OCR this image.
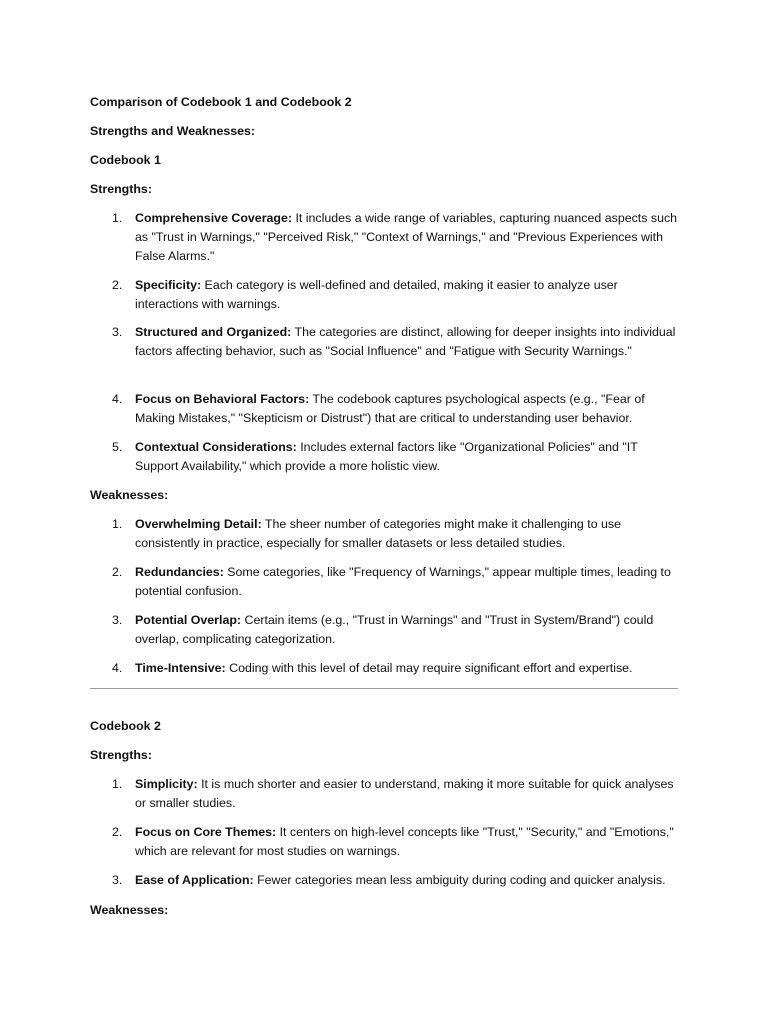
Comparison of Codebook 1 and Codebook 2

Strengths and Weaknesses:

Codebook 1

Strengths:

1. Comprehensive Coverage: It includes a wide range of variables, capturing nuanced aspects such as "Trust in Warnings," "Perceived Risk," "Context of Warnings," and "Previous Experiences with False Alarms."
2. Specificity: Each category is well-defined and detailed, making it easier to analyze user interactions with warnings.
3. Structured and Organized: The categories are distinct, allowing for deeper insights into individual factors affecting behavior, such as "Social Influence" and "Fatigue with Security Warnings."
4. Focus on Behavioral Factors: The codebook captures psychological aspects (e.g., "Fear of Making Mistakes," "Skepticism or Distrust") that are critical to understanding user behavior.
5. Contextual Considerations: Includes external factors like "Organizational Policies" and "IT Support Availability," which provide a more holistic view.

Weaknesses:

1. Overwhelming Detail: The sheer number of categories might make it challenging to use consistently in practice, especially for smaller datasets or less detailed studies.
2. Redundancies: Some categories, like "Frequency of Warnings," appear multiple times, leading to potential confusion.
3. Potential Overlap: Certain items (e.g., "Trust in Warnings" and "Trust in System/Brand") could overlap, complicating categorization.
4. Time-Intensive: Coding with this level of detail may require significant effort and expertise.

Codebook 2

Strengths:

1. Simplicity: It is much shorter and easier to understand, making it more suitable for quick analyses or smaller studies.
2. Focus on Core Themes: It centers on high-level concepts like "Trust," "Security," and "Emotions," which are relevant for most studies on warnings.
3. Ease of Application: Fewer categories mean less ambiguity during coding and quicker analysis.

Weaknesses:
